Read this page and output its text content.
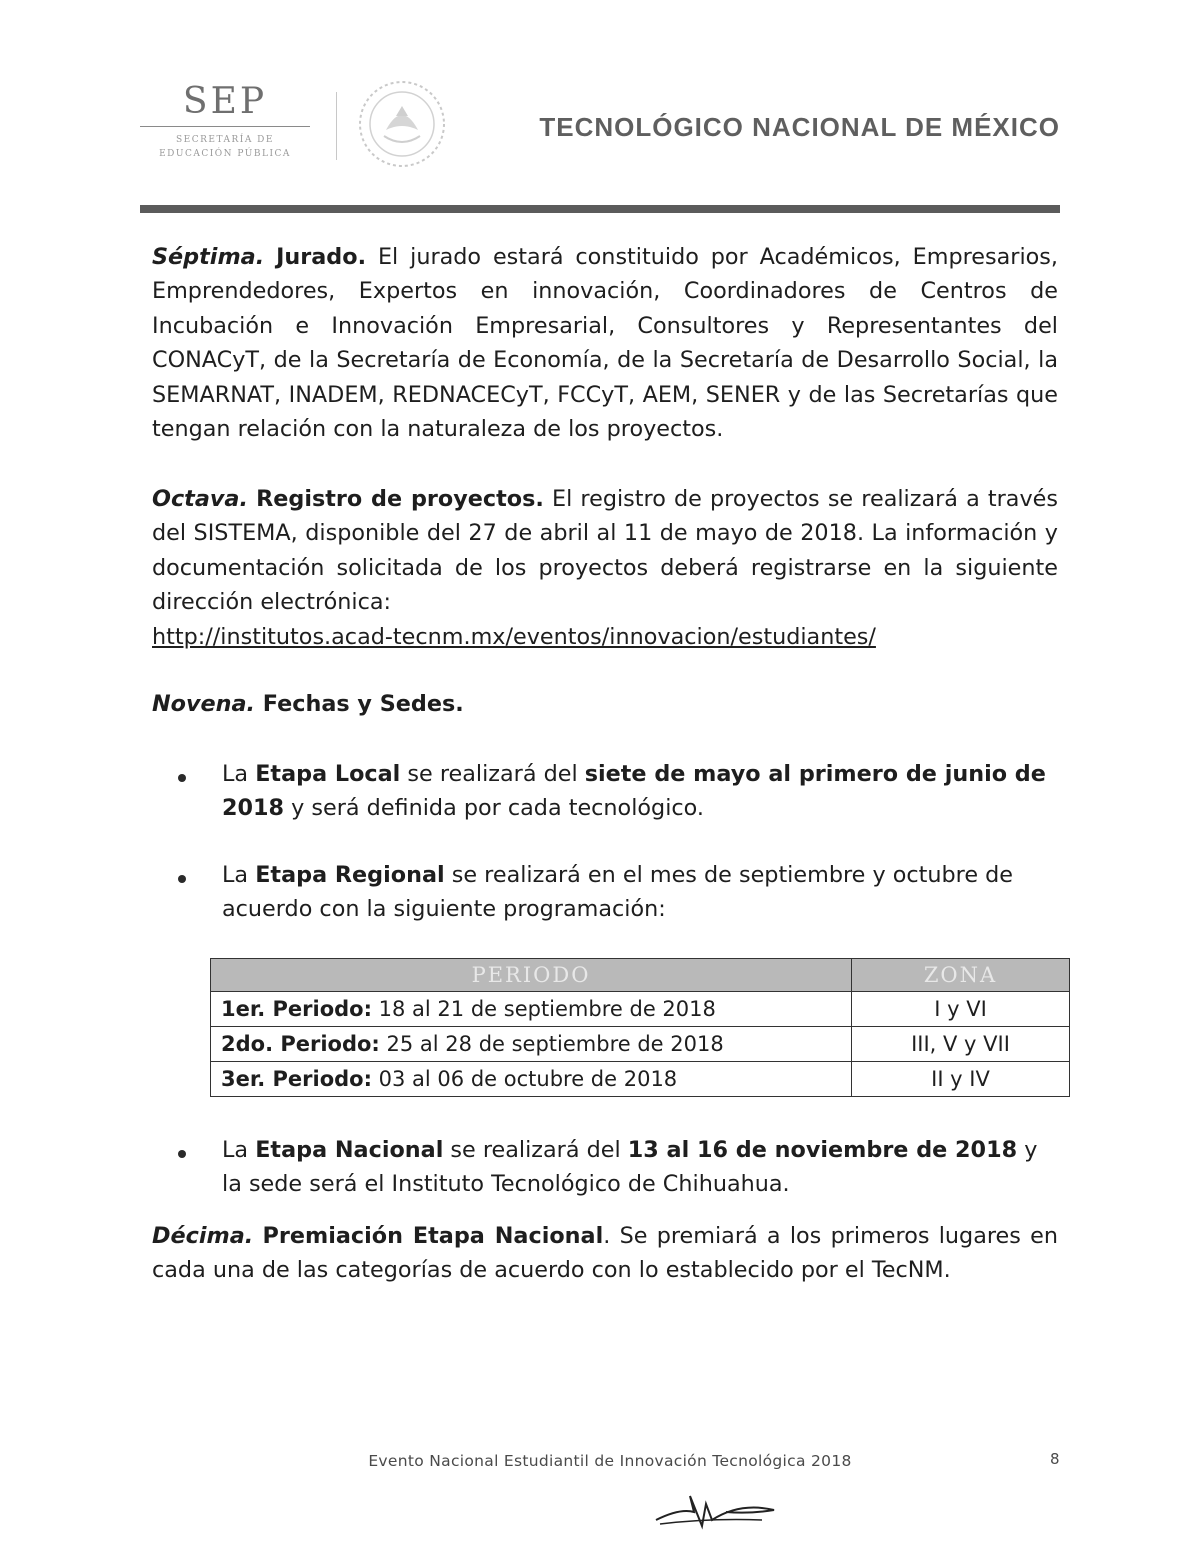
SEP
SECRETARÍA DE
EDUCACIÓN PÚBLICA
TECNOLÓGICO NACIONAL DE MÉXICO
Séptima. Jurado. El jurado estará constituido por Académicos, Empresarios, Emprendedores, Expertos en innovación, Coordinadores de Centros de Incubación e Innovación Empresarial, Consultores y Representantes del CONACyT, de la Secretaría de Economía, de la Secretaría de Desarrollo Social, la SEMARNAT, INADEM, REDNACECyT, FCCyT, AEM, SENER y de las Secretarías que tengan relación con la naturaleza de los proyectos.
Octava. Registro de proyectos. El registro de proyectos se realizará a través del SISTEMA, disponible del 27 de abril al 11 de mayo de 2018. La información y documentación solicitada de los proyectos deberá registrarse en la siguiente dirección electrónica:
http://institutos.acad-tecnm.mx/eventos/innovacion/estudiantes/
Novena. Fechas y Sedes.
La Etapa Local se realizará del siete de mayo al primero de junio de 2018 y será definida por cada tecnológico.
La Etapa Regional se realizará en el mes de septiembre y octubre de acuerdo con la siguiente programación:
PERIODO	ZONA
1er. Periodo: 18 al 21 de septiembre de 2018	I y VI
2do. Periodo: 25 al 28 de septiembre de 2018	III, V y VII
3er. Periodo: 03 al 06 de octubre de 2018	II y IV
La Etapa Nacional se realizará del 13 al 16 de noviembre de 2018 y la sede será el Instituto Tecnológico de Chihuahua.
Décima. Premiación Etapa Nacional. Se premiará a los primeros lugares en cada una de las categorías de acuerdo con lo establecido por el TecNM.
Evento Nacional Estudiantil de Innovación Tecnológica 2018	8
